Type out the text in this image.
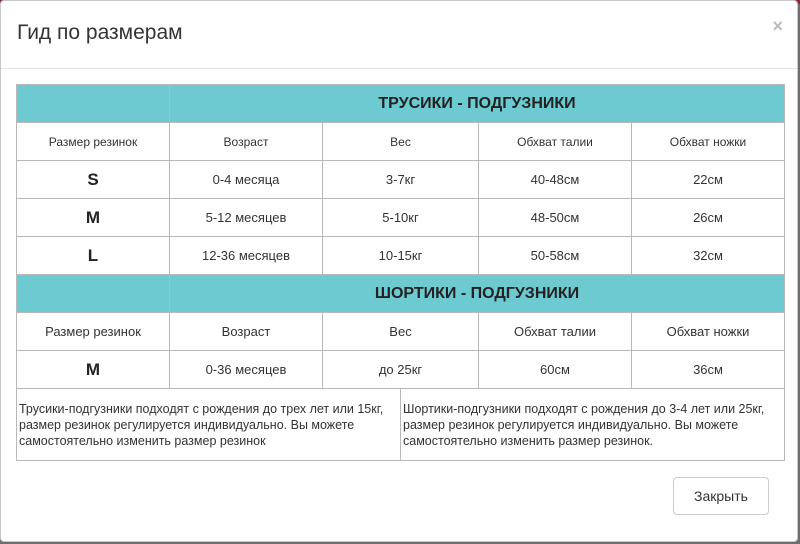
Гид по размерам	×
	ТРУСИКИ - ПОДГУЗНИКИ			
Размер резинок	Возраст	Вес	Обхват талии	Обхват ножки
S	0-4 месяца	3-7кг	40-48см	22см
M	5-12 месяцев	5-10кг	48-50см	26см
L	12-36 месяцев	10-15кг	50-58см	32см
	ШОРТИКИ - ПОДГУЗНИКИ			
Размер резинок	Возраст	Вес	Обхват талии	Обхват ножки
M	0-36 месяцев	до 25кг	60см	36см
Трусики-подгузники подходят с рождения до трех лет или 15кг, размер резинок регулируется индивидуально. Вы можете самостоятельно изменить размер резинок	Шортики-подгузники подходят с рождения до 3-4 лет или 25кг, размер резинок регулируется индивидуально. Вы можете самостоятельно изменить размер резинок.
Закрыть
